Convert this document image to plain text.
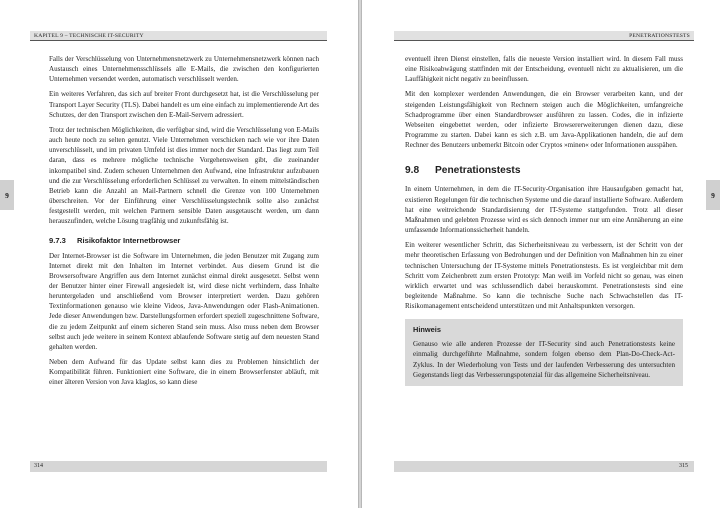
KAPITEL 9 – TECHNISCHE IT-SECURITY
9

Falls der Verschlüsselung von Unternehmensnetzwerk zu Unternehmensnetzwerk können nach Austausch eines Unternehmensschlüssels alle E-Mails, die zwischen den konfigurierten Unternehmen versendet werden, automatisch verschlüsselt werden.

Ein weiteres Verfahren, das sich auf breiter Front durchgesetzt hat, ist die Verschlüsselung per Transport Layer Security (TLS). Dabei handelt es um eine einfach zu implementierende Art des Schutzes, der den Transport zwischen den E-Mail-Servern adressiert.

Trotz der technischen Möglichkeiten, die verfügbar sind, wird die Verschlüsselung von E-Mails auch heute noch zu selten genutzt. Viele Unternehmen verschicken nach wie vor ihre Daten unverschlüsselt, und im privaten Umfeld ist dies immer noch der Standard. Das liegt zum Teil daran, dass es mehrere mögliche technische Vorgehensweisen gibt, die zueinander inkompatibel sind. Zudem scheuen Unternehmen den Aufwand, eine Infrastruktur aufzubauen und die zur Verschlüsselung erforderlichen Schlüssel zu verwalten. In einem mittelständischen Betrieb kann die Anzahl an Mail-Partnern schnell die Grenze von 100 Unternehmen überschreiten. Vor der Einführung einer Verschlüsselungstechnik sollte also zunächst festgestellt werden, mit welchen Partnern sensible Daten ausgetauscht werden, um dann herauszufinden, welche Lösung tragfähig und zukunftsfähig ist.

9.7.3 Risikofaktor Internetbrowser

Der Internet-Browser ist die Software im Unternehmen, die jeden Benutzer mit Zugang zum Internet direkt mit den Inhalten im Internet verbindet. Aus diesem Grund ist die Browsersoftware Angriffen aus dem Internet zunächst einmal direkt ausgesetzt. Selbst wenn der Benutzer hinter einer Firewall angesiedelt ist, wird diese nicht verhindern, dass Inhalte heruntergeladen und anschließend vom Browser interpretiert werden. Dazu gehören Textinformationen genauso wie kleine Videos, Java-Anwendungen oder Flash-Animationen. Jede dieser Anwendungen bzw. Darstellungsformen erfordert speziell zugeschnittene Software, die zu jedem Zeitpunkt auf einem sicheren Stand sein muss. Also muss neben dem Browser selbst auch jede weitere in seinem Kontext ablaufende Software stetig auf dem neuesten Stand gehalten werden.

Neben dem Aufwand für das Update selbst kann dies zu Problemen hinsichtlich der Kompatibilität führen. Funktioniert eine Software, die in einem Browserfenster abläuft, mit einer älteren Version von Java klaglos, so kann diese

314
PENETRATIONSTESTS
9

eventuell ihren Dienst einstellen, falls die neueste Version installiert wird. In diesem Fall muss eine Risikoabwägung stattfinden mit der Entscheidung, eventuell nicht zu aktualisieren, um die Lauffähigkeit nicht negativ zu beeinflussen.

Mit den komplexer werdenden Anwendungen, die ein Browser verarbeiten kann, und der steigenden Leistungsfähigkeit von Rechnern steigen auch die Möglichkeiten, umfangreiche Schadprogramme über einen Standardbrowser ausführen zu lassen. Codes, die in infizierte Webseiten eingebettet werden, oder infizierte Browsererweiterungen dienen dazu, diese Programme zu starten. Dabei kann es sich z.B. um Java-Applikationen handeln, die auf dem Rechner des Benutzers unbemerkt Bitcoin oder Cryptos »minen« oder Informationen ausspähen.

9.8 Penetrationstests

In einem Unternehmen, in dem die IT-Security-Organisation ihre Hausaufgaben gemacht hat, existieren Regelungen für die technischen Systeme und die darauf installierte Software. Außerdem hat eine weitreichende Standardisierung der IT-Systeme stattgefunden. Trotz all dieser Maßnahmen und gelebten Prozesse wird es sich dennoch immer nur um eine Annäherung an eine umfassende Informationssicherheit handeln.

Ein weiterer wesentlicher Schritt, das Sicherheitsniveau zu verbessern, ist der Schritt von der mehr theoretischen Erfassung von Bedrohungen und der Definition von Maßnahmen hin zu einer technischen Untersuchung der IT-Systeme mittels Penetrationstests. Es ist vergleichbar mit dem Schritt vom Zeichenbrett zum ersten Prototyp: Man weiß im Vorfeld nicht so genau, was einen wirklich erwartet und was schlussendlich dabei herauskommt. Penetrationstests sind eine begleitende Maßnahme. So kann die technische Suche nach Schwachstellen das IT-Risikomanagement entscheidend unterstützen und mit Anhaltspunkten versorgen.

Hinweis

Genauso wie alle anderen Prozesse der IT-Security sind auch Penetrationstests keine einmalig durchgeführte Maßnahme, sondern folgen ebenso dem Plan-Do-Check-Act-Zyklus. In der Wiederholung von Tests und der laufenden Verbesserung des untersuchten Gegenstands liegt das Verbesserungspotenzial für das allgemeine Sicherheitsniveau.

315
